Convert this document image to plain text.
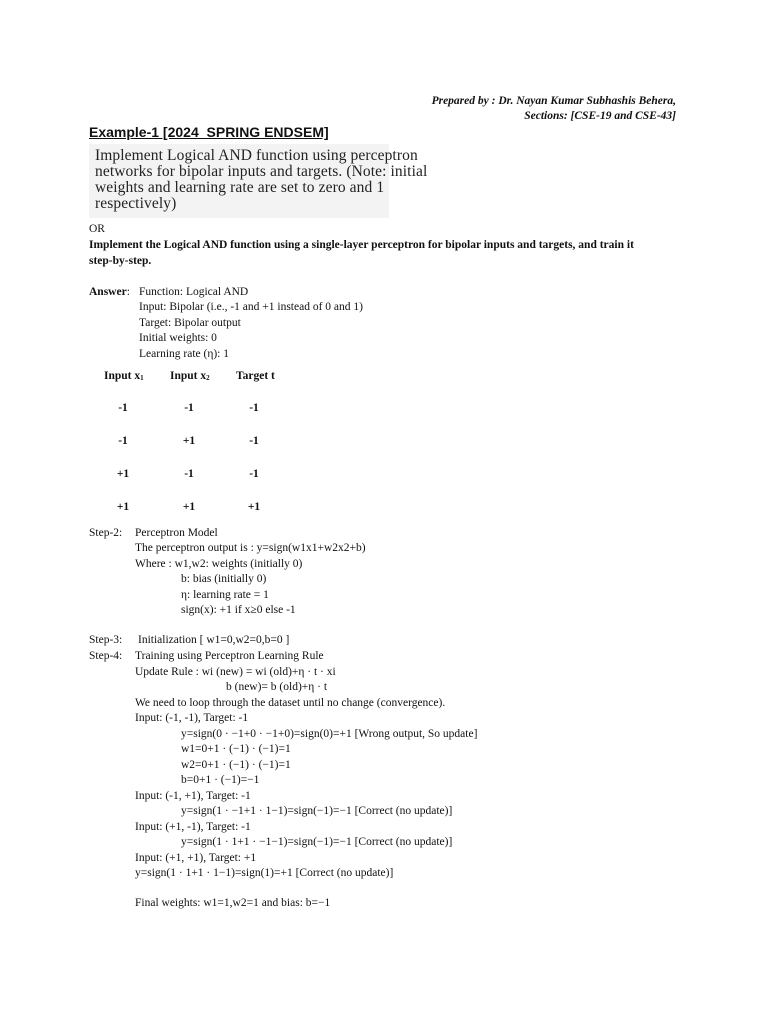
Prepared by : Dr. Nayan Kumar Subhashis Behera,
Sections: [CSE-19 and CSE-43]
Example-1 [2024_SPRING ENDSEM]
Implement Logical AND function using perceptron
networks for bipolar inputs and targets. (Note: initial
weights and learning rate are set to zero and 1
respectively)
OR
Implement the Logical AND function using a single-layer perceptron for bipolar inputs and targets, and train it
step-by-step.
Answer: Function: Logical AND
Input: Bipolar (i.e., -1 and +1 instead of 0 and 1)
Target: Bipolar output
Initial weights: 0
Learning rate (η): 1
Input $x_1$ Input $x_2$ Target t
-1	-1	-1
-1	+1	-1
+1	-1	-1
+1	+1	+1
Step-2: Perceptron Model
The perceptron output is : y=sign(w1x1+w2x2+b)
Where : w1,w2: weights (initially 0)
b: bias (initially 0)
η: learning rate = 1
sign(x): +1 if x≥0 else -1
Step-3: Initialization [ w1=0,w2=0,b=0 ]
Step-4: Training using Perceptron Learning Rule
Update Rule : wi (new) = wi (old)+η · t · xi
b (new)= b (old)+η · t
We need to loop through the dataset until no change (convergence).
Input: (-1, -1), Target: -1
y=sign(0 · −1+0 · −1+0)=sign(0)=+1 [Wrong output, So update]
w1=0+1 · (−1) · (−1)=1
w2=0+1 · (−1) · (−1)=1
b=0+1 · (−1)=−1
Input: (-1, +1), Target: -1
y=sign(1 · −1+1 · 1−1)=sign(−1)=−1 [Correct (no update)]
Input: (+1, -1), Target: -1
y=sign(1 · 1+1 · −1−1)=sign(−1)=−1 [Correct (no update)]
Input: (+1, +1), Target: +1
y=sign(1 · 1+1 · 1−1)=sign(1)=+1 [Correct (no update)]
Final weights: w1=1,w2=1 and bias: b=−1
